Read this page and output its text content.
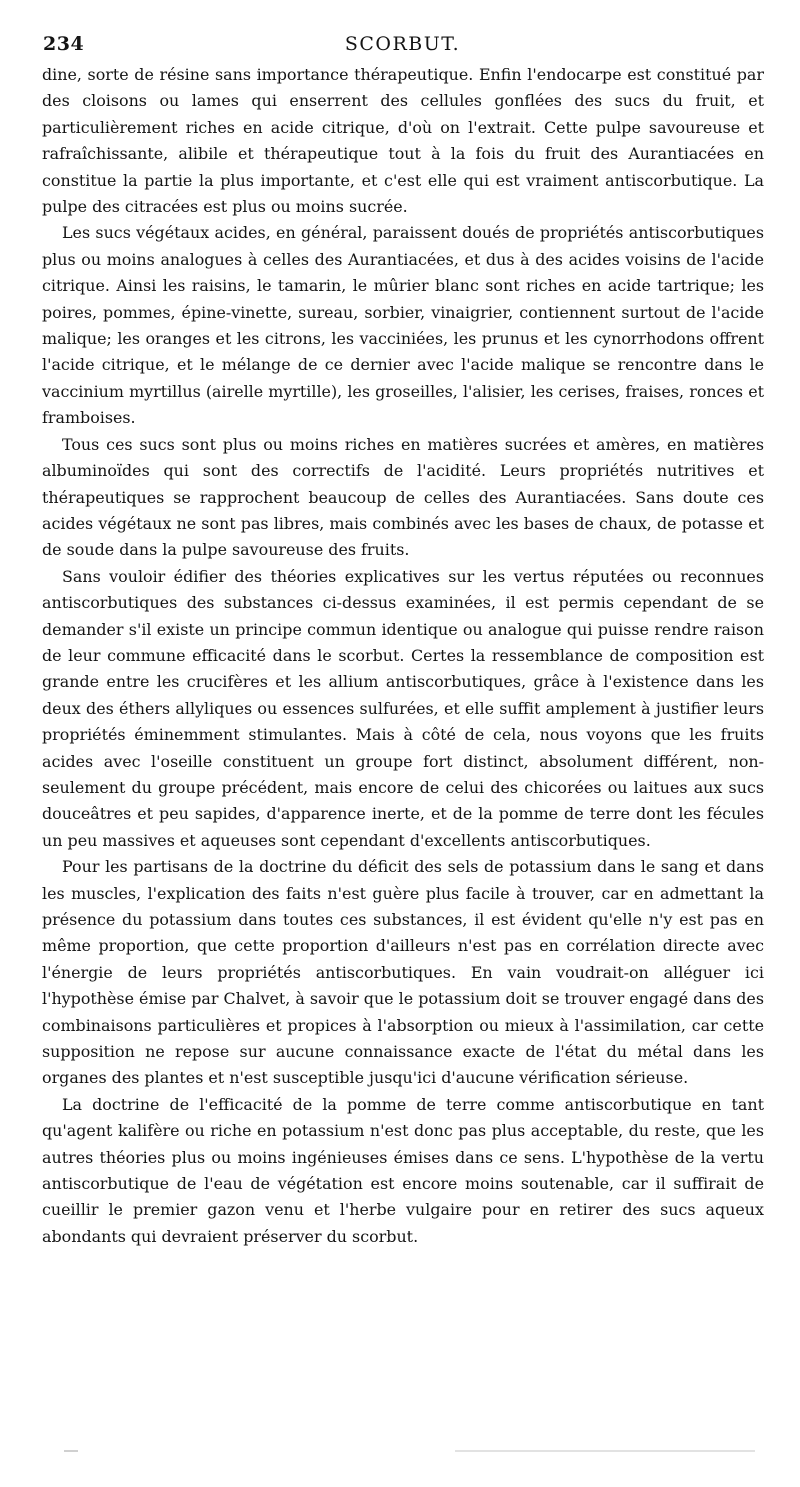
234	SCORBUT.

dine, sorte de résine sans importance thérapeutique. Enfin l'endocarpe est constitué par des cloisons ou lames qui enserrent des cellules gonflées des sucs du fruit, et particulièrement riches en acide citrique, d'où on l'extrait. Cette pulpe savoureuse et rafraîchissante, alibile et thérapeutique tout à la fois du fruit des Aurantiacées en constitue la partie la plus importante, et c'est elle qui est vraiment antiscorbutique. La pulpe des citracées est plus ou moins sucrée.

Les sucs végétaux acides, en général, paraissent doués de propriétés antiscorbutiques plus ou moins analogues à celles des Aurantiacées, et dus à des acides voisins de l'acide citrique. Ainsi les raisins, le tamarin, le mûrier blanc sont riches en acide tartrique; les poires, pommes, épine-vinette, sureau, sorbier, vinaigrier, contiennent surtout de l'acide malique; les oranges et les citrons, les vacciniées, les prunus et les cynorrhodons offrent l'acide citrique, et le mélange de ce dernier avec l'acide malique se rencontre dans le vaccinium myrtillus (airelle myrtille), les groseilles, l'alisier, les cerises, fraises, ronces et framboises.

Tous ces sucs sont plus ou moins riches en matières sucrées et amères, en matières albuminoïdes qui sont des correctifs de l'acidité. Leurs propriétés nutritives et thérapeutiques se rapprochent beaucoup de celles des Aurantiacées. Sans doute ces acides végétaux ne sont pas libres, mais combinés avec les bases de chaux, de potasse et de soude dans la pulpe savoureuse des fruits.

Sans vouloir édifier des théories explicatives sur les vertus réputées ou reconnues antiscorbutiques des substances ci-dessus examinées, il est permis cependant de se demander s'il existe un principe commun identique ou analogue qui puisse rendre raison de leur commune efficacité dans le scorbut. Certes la ressemblance de composition est grande entre les crucifères et les allium antiscorbutiques, grâce à l'existence dans les deux des éthers allyliques ou essences sulfurées, et elle suffit amplement à justifier leurs propriétés éminemment stimulantes. Mais à côté de cela, nous voyons que les fruits acides avec l'oseille constituent un groupe fort distinct, absolument différent, non-seulement du groupe précédent, mais encore de celui des chicorées ou laitues aux sucs douceâtres et peu sapides, d'apparence inerte, et de la pomme de terre dont les fécules un peu massives et aqueuses sont cependant d'excellents antiscorbutiques.

Pour les partisans de la doctrine du déficit des sels de potassium dans le sang et dans les muscles, l'explication des faits n'est guère plus facile à trouver, car en admettant la présence du potassium dans toutes ces substances, il est évident qu'elle n'y est pas en même proportion, que cette proportion d'ailleurs n'est pas en corrélation directe avec l'énergie de leurs propriétés antiscorbutiques. En vain voudrait-on alléguer ici l'hypothèse émise par Chalvet, à savoir que le potassium doit se trouver engagé dans des combinaisons particulières et propices à l'absorption ou mieux à l'assimilation, car cette supposition ne repose sur aucune connaissance exacte de l'état du métal dans les organes des plantes et n'est susceptible jusqu'ici d'aucune vérification sérieuse.

La doctrine de l'efficacité de la pomme de terre comme antiscorbutique en tant qu'agent kalifère ou riche en potassium n'est donc pas plus acceptable, du reste, que les autres théories plus ou moins ingénieuses émises dans ce sens. L'hypothèse de la vertu antiscorbutique de l'eau de végétation est encore moins soutenable, car il suffirait de cueillir le premier gazon venu et l'herbe vulgaire pour en retirer des sucs aqueux abondants qui devraient préserver du scorbut.
